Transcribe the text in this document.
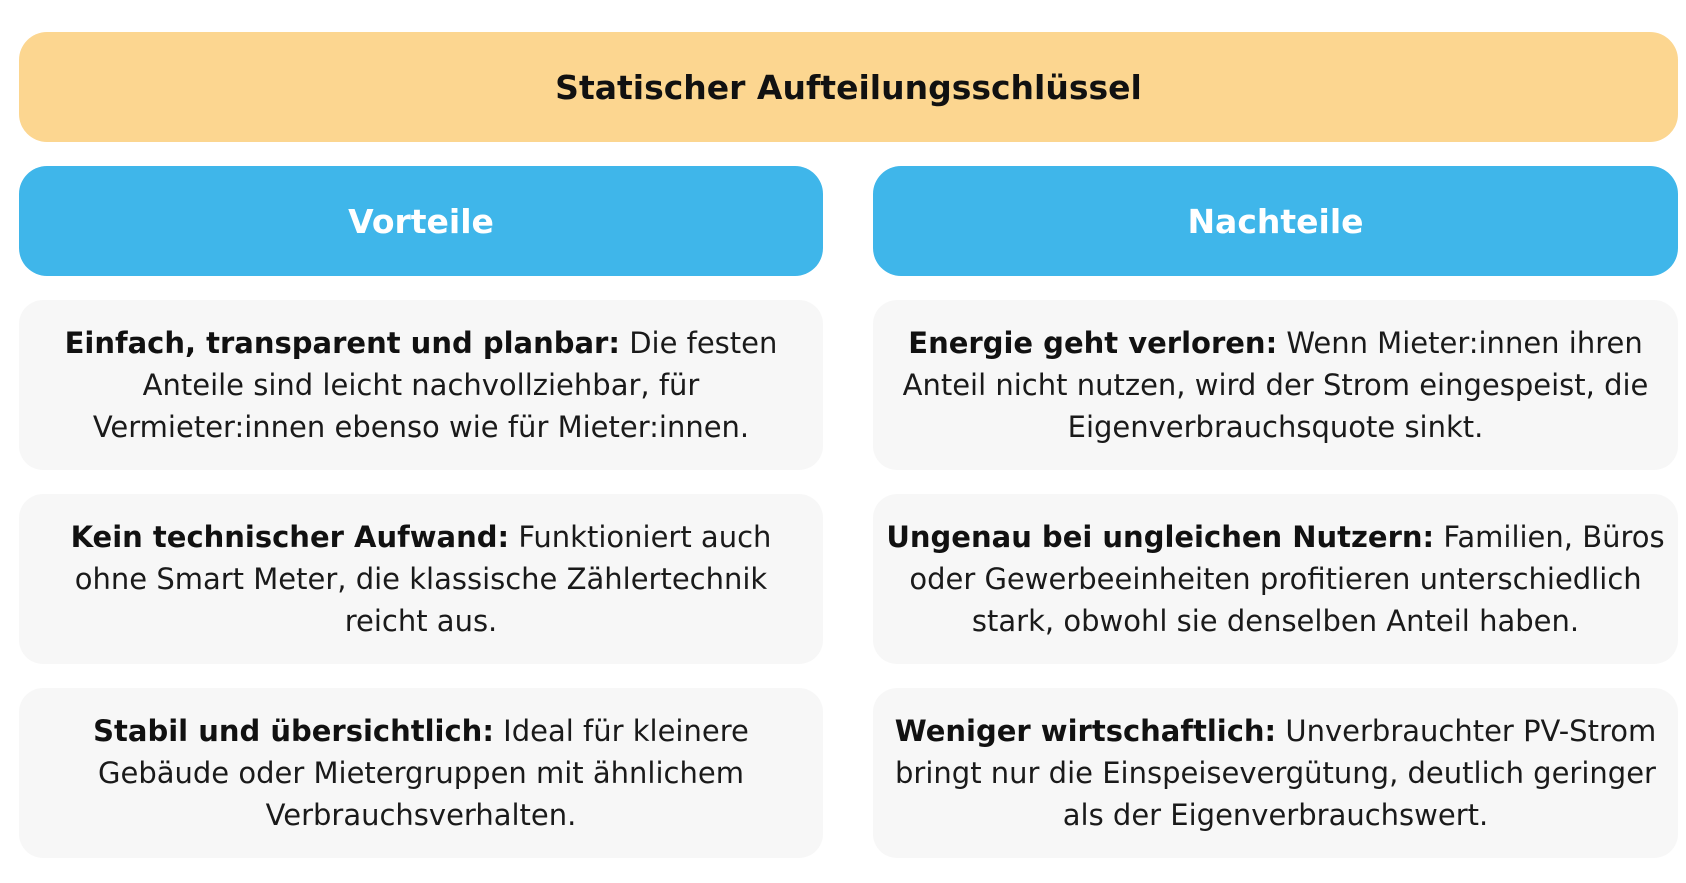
Statischer Aufteilungsschlüssel
Vorteile	Nachteile
Einfach, transparent und planbar: Die festen Anteile sind leicht nachvollziehbar, für Vermieter:innen ebenso wie für Mieter:innen.
Kein technischer Aufwand: Funktioniert auch ohne Smart Meter, die klassische Zählertechnik reicht aus.
Stabil und übersichtlich: Ideal für kleinere Gebäude oder Mietergruppen mit ähnlichem Verbrauchsverhalten.
Energie geht verloren: Wenn Mieter:innen ihren Anteil nicht nutzen, wird der Strom eingespeist, die Eigenverbrauchsquote sinkt.
Ungenau bei ungleichen Nutzern: Familien, Büros oder Gewerbeeinheiten profitieren unterschiedlich stark, obwohl sie denselben Anteil haben.
Weniger wirtschaftlich: Unverbrauchter PV-Strom bringt nur die Einspeisevergütung, deutlich geringer als der Eigenverbrauchswert.
